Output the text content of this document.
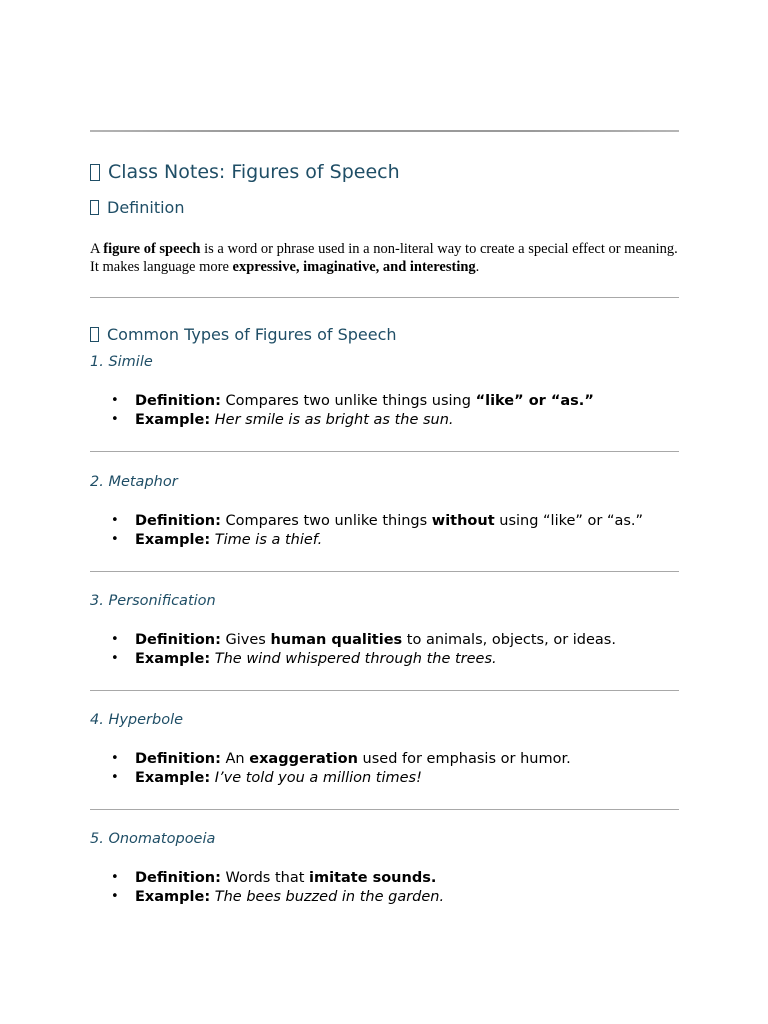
Class Notes: Figures of Speech
Definition
A figure of speech is a word or phrase used in a non-literal way to create a special effect or meaning. It makes language more expressive, imaginative, and interesting.
Common Types of Figures of Speech
1. Simile
• Definition: Compares two unlike things using “like” or “as.”
• Example: Her smile is as bright as the sun.
2. Metaphor
• Definition: Compares two unlike things without using “like” or “as.”
• Example: Time is a thief.
3. Personification
• Definition: Gives human qualities to animals, objects, or ideas.
• Example: The wind whispered through the trees.
4. Hyperbole
• Definition: An exaggeration used for emphasis or humor.
• Example: I’ve told you a million times!
5. Onomatopoeia
• Definition: Words that imitate sounds.
• Example: The bees buzzed in the garden.
